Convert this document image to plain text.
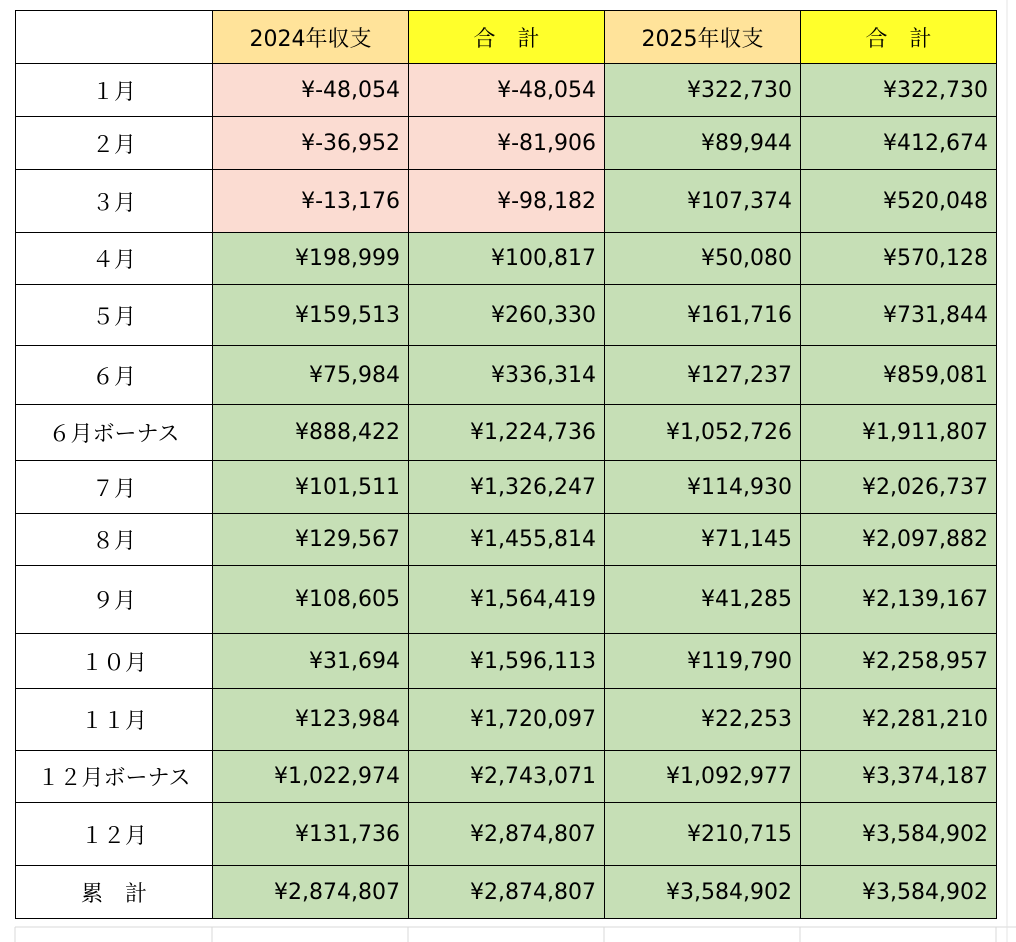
	2024年収支	合　計	2025年収支	合　計
１月	¥-48,054	¥-48,054	¥322,730	¥322,730
２月	¥-36,952	¥-81,906	¥89,944	¥412,674
３月	¥-13,176	¥-98,182	¥107,374	¥520,048
４月	¥198,999	¥100,817	¥50,080	¥570,128
５月	¥159,513	¥260,330	¥161,716	¥731,844
６月	¥75,984	¥336,314	¥127,237	¥859,081
６月ボーナス	¥888,422	¥1,224,736	¥1,052,726	¥1,911,807
７月	¥101,511	¥1,326,247	¥114,930	¥2,026,737
８月	¥129,567	¥1,455,814	¥71,145	¥2,097,882
９月	¥108,605	¥1,564,419	¥41,285	¥2,139,167
１０月	¥31,694	¥1,596,113	¥119,790	¥2,258,957
１１月	¥123,984	¥1,720,097	¥22,253	¥2,281,210
１２月ボーナス	¥1,022,974	¥2,743,071	¥1,092,977	¥3,374,187
１２月	¥131,736	¥2,874,807	¥210,715	¥3,584,902
累　計	¥2,874,807	¥2,874,807	¥3,584,902	¥3,584,902
